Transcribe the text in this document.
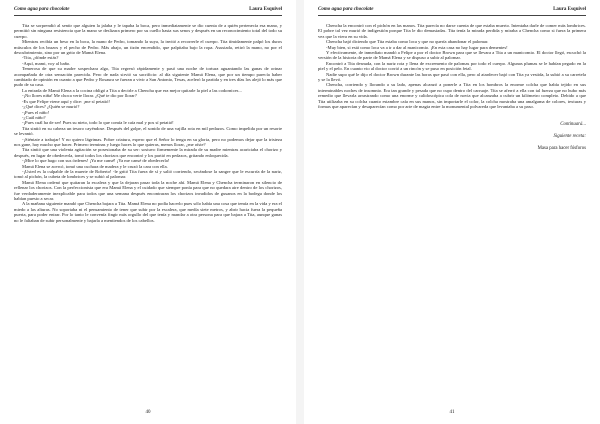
Como agua para chocolate	Laura Esquivel

Tita se sorprendió al sentir que alguien la jalaba y le tapaba la boca, pero inmediatamente se dio cuenta de a quién pertenecía esa mano, y permitió sin ninguna resistencia que la mano se deslizara primero por su cuello hasta sus senos y después en un reconocimiento total del todo su cuerpo.

Mientras recibía un beso en la boca, la mano de Pedro, tomando la suya, la invitó a recorrerle el cuerpo. Tita tímidamente palpó los duros músculos de los brazos y el pecho de Pedro. Más abajo, un tizón encendido, que palpitaba bajo la ropa. Asustada, retiró la mano, no por el descubrimiento, sino por un grito de Mamá Elena.

-Tita, ¿dónde estás?

-Aquí, mami, voy al baño.

Temerosa de que su madre sospechara algo, Tita regresó rápidamente y pasó una noche de tortura aguantando las ganas de orinar acompañada de otra sensación parecida. Pero de nada sirvió su sacrificio: al día siguiente Mamá Elena, que por un tiempo parecía haber cambiado de opinión en cuanto a que Pedro y Rosaura se fueran a vivir a San Antonio, Texas, aceleró la partida y en tres días los alejó lo más que pudo de su casa.

La entrada de Mamá Elena a la cocina obligó a Tita a decirle a Chencha que era mejor quitarle la piel a las codornices...

-¡No llores niña! Me choca verte llorar. ¿Qué te dio por llorar?

-Es que Felipe viene aquí y dice: ¡me sí petatió!

-¿Qué dices? ¿Quién se murió?

-¡Pues el niño!

-¿Cuál niño?

-¡Pues cuál ha de ser! Pues su nieto, todo lo que comía le caía mal y pos sí petatió!

Tita sintió en su cabeza un tesoro cayéndose. Después del golpe, el sonido de una vajilla rota en mil pedazos. Como impelida por un resorte se levantó.

-¡Siéntate a trabajar! Y no quiero lágrimas. Pobre criatura, espero que el Señor lo tenga en su gloria, pero no podemos dejar que la tristeza nos gane, hay mucho que hacer. Primero terminas y luego haces lo que quieras, menos llorar, ¿me oíste?

Tita sintió que una violenta agitación se posesionaba de su ser: sostuvo firmemente la mirada de su madre mientras acariciaba el chorizo y después, en lugar de obedecerla, tomó todos los chorizos que encontró y los partió en pedazos, gritando enloquecida.

-¡Mire lo que hago con sus órdenes! ¡Ya me cansé! ¡Ya me cansé de obedecerla!

Mamá Elena se acercó, tomó una cuchara de madera y le cruzó la cara con ella.

-¡Usted es la culpable de la muerte de Roberto! -le gritó Tita fuera de sí y salió corriendo, secándose la sangre que le escurría de la nariz, tomó al pichón, la cubeta de lombrices y se subió al palomar.

Mamá Elena ordenó que quitaran la escalera y que la dejaran pasar toda la noche ahí. Mamá Elena y Chencha terminaron en silencio de rellenar los chorizos. Con la perfeccionista que era Mamá Elena y el cuidado que siempre ponía para que no quedara aire dentro de los chorizos, fue verdaderamente inexplicable para todos que una semana después encontraran los chorizos invadidos de gusanos en la bodega donde los habían puesto a secar.

A la mañana siguiente mandó que Chencha bajara a Tita. Mamá Elena no podía hacerlo pues sólo había una cosa que temía en la vida y era el miedo a las alturas. No soportaba ni el pensamiento de tener que subir por la escalera, que medía siete metros, y abrir hacia fuera la pequeña puerta, para poder entrar. Por lo tanto le convenía fingir más orgullo del que tenía y mandar a otra persona para que bajara a Tita, aunque ganas no le faltaban de subir personalmente y bajarla a mentiendos de los cabellos.

40
Como agua para chocolate	Laura Esquivel

Chencha la encontró con el pichón en las manos. Tita parecía no darse cuenta de que estaba muerto. Intentaba darle de comer más lombrices. El pobre tal vez murió de indigestión porque Tita le dio demasiadas. Tita tenía la mirada perdida y miraba a Chencha como si fuera la primera vez que la viera en su vida.

Chencha bajó diciendo que Tita estaba como loca y que no quería abandonar el palomar.

-Muy bien, si está como loca va a ir a dar al manicomio. ¡En esta casa no hay lugar para dementes!

Y efectivamente, de inmediato mandó a Felipe a por el doctor Brown para que se llevara a Tita a un manicomio. El doctor llegó, escuchó la versión de la historia de parte de Mamá Elena y se dispuso a subir al palomar.

Encontró a Tita desnuda, con la nariz rota y llena de excremento de palomas por todo el cuerpo. Algunas plumas se le habían pegado en la piel y el pelo. En cuanto vio al doctor corrió a un rincón y se puso en posición fetal.

Nadie supo qué le dijo el doctor Brown durante las horas que pasó con ella, pero al atardecer bajó con Tita ya vestida, la subió a su carretela y se la llevó.

Chencha, corriendo y llorando a su lado, apenas alcanzó a ponerle a Tita en los hombros la enorme colcha que había tejido en sus interminables noches de insomnio. Era tan grande y pesada que no cupo dentro del carruaje. Tita se aferró a ella con tal fuerza que no hubo más remedio que llevarla arrastrando como una enorme y calidoscópica cola de novia que alcanzaba a cubrir un kilómetro completo. Debido a que Tita utilizaba en su colcha cuanto estambre caía en sus manos, sin importarle el color, la colcha mostraba una amalgama de colores, texturas y formas que aparecían y desaparecían como por arte de magia entre la monumental polvareda que levantaba a su paso.

Continuará...
Siguiente receta:
Masa para hacer fósforos
41
